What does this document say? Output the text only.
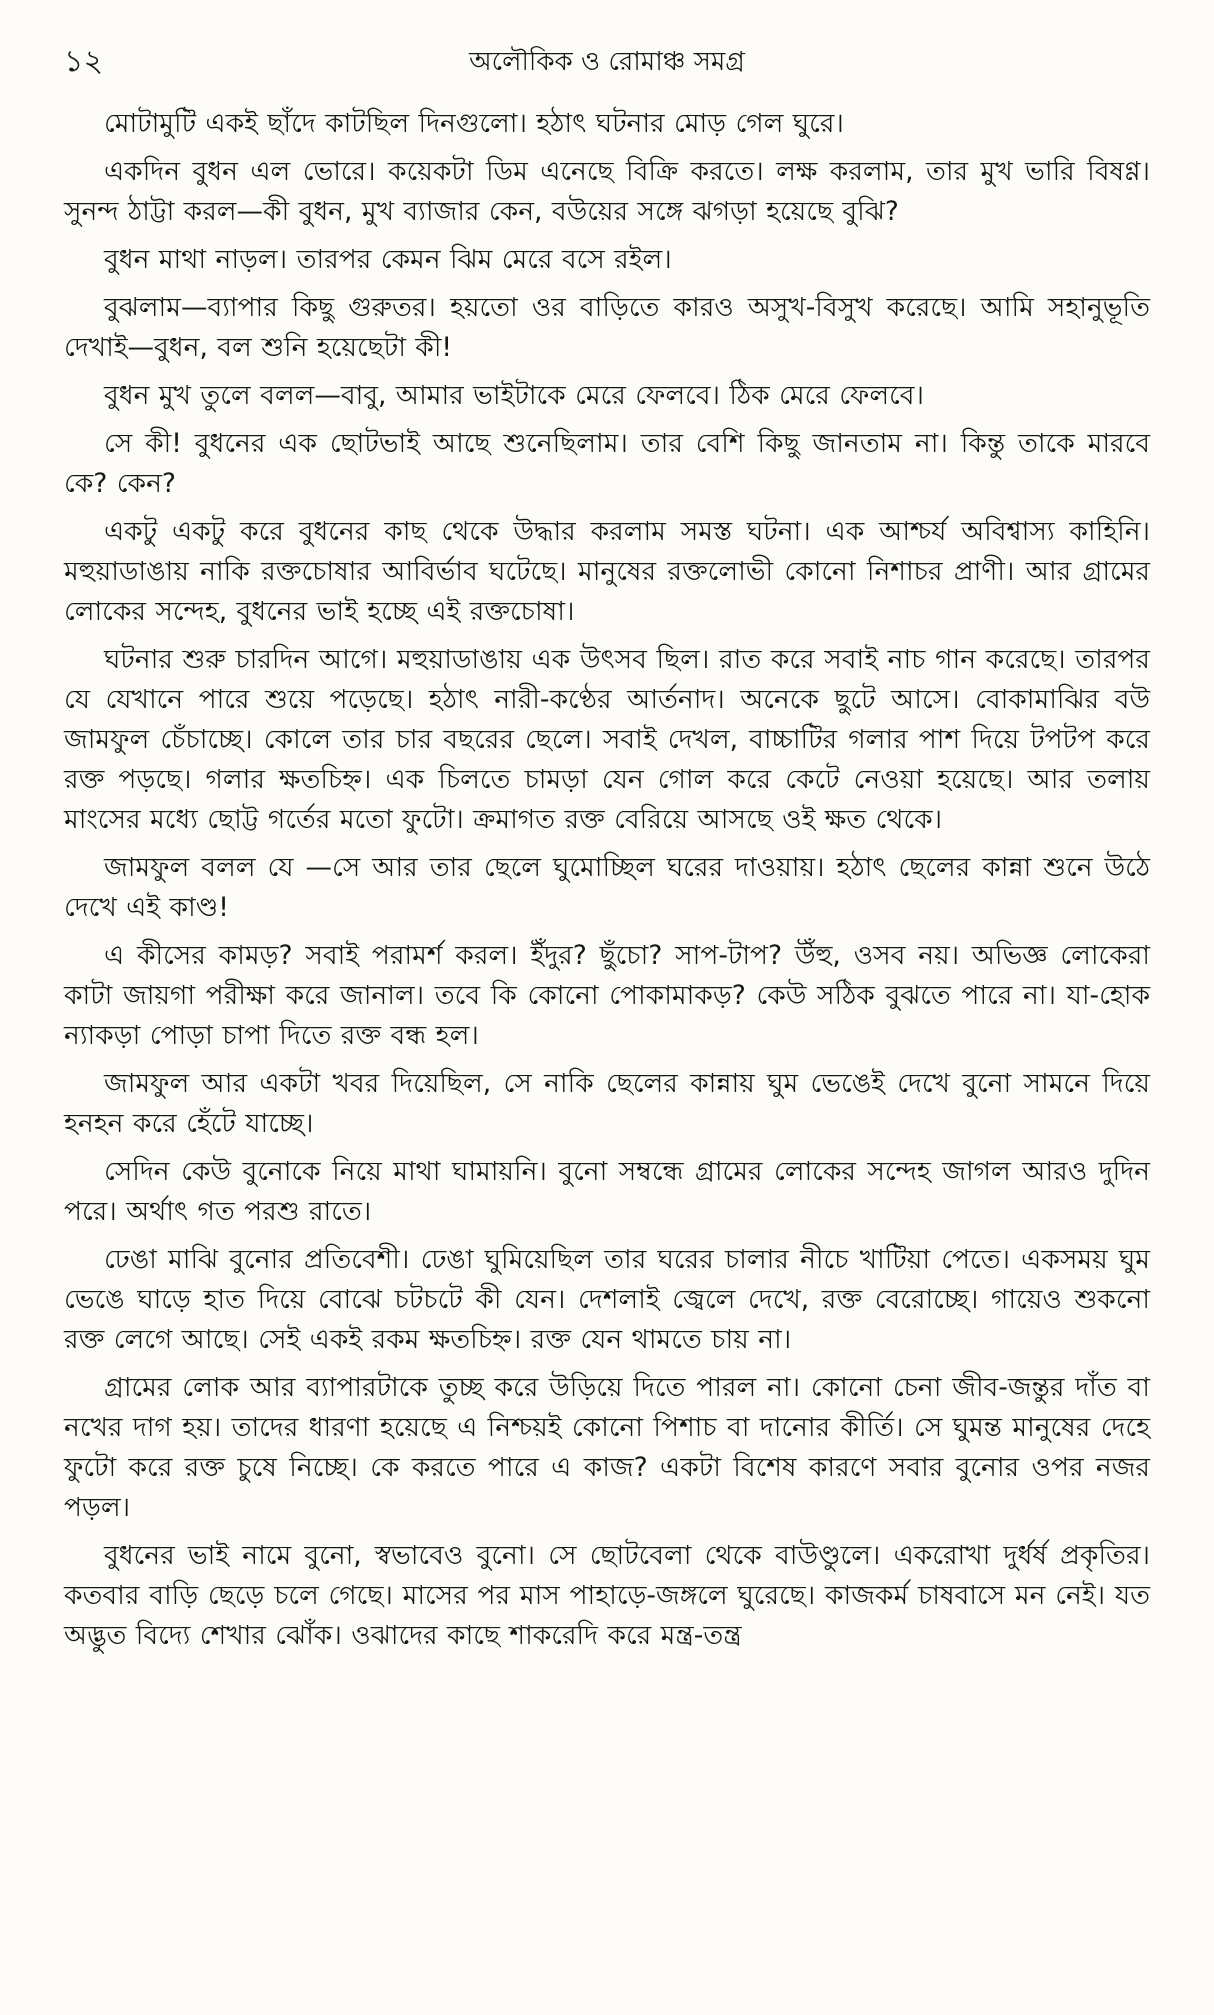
১২	অলৌকিক ও রোমাঞ্চ সমগ্র

মোটামুটি একই ছাঁদে কাটছিল দিনগুলো। হঠাৎ ঘটনার মোড় গেল ঘুরে।

একদিন বুধন এল ভোরে। কয়েকটা ডিম এনেছে বিক্রি করতে। লক্ষ করলাম, তার মুখ ভারি বিষণ্ণ। সুনন্দ ঠাট্টা করল—কী বুধন, মুখ ব্যাজার কেন, বউয়ের সঙ্গে ঝগড়া হয়েছে বুঝি?

বুধন মাথা নাড়ল। তারপর কেমন ঝিম মেরে বসে রইল।

বুঝলাম—ব্যাপার কিছু গুরুতর। হয়তো ওর বাড়িতে কারও অসুখ-বিসুখ করেছে। আমি সহানুভূতি দেখাই—বুধন, বল শুনি হয়েছেটা কী!

বুধন মুখ তুলে বলল—বাবু, আমার ভাইটাকে মেরে ফেলবে। ঠিক মেরে ফেলবে।

সে কী! বুধনের এক ছোটভাই আছে শুনেছিলাম। তার বেশি কিছু জানতাম না। কিন্তু তাকে মারবে কে? কেন?

একটু একটু করে বুধনের কাছ থেকে উদ্ধার করলাম সমস্ত ঘটনা। এক আশ্চর্য অবিশ্বাস্য কাহিনি। মহুয়াডাঙায় নাকি রক্তচোষার আবির্ভাব ঘটেছে। মানুষের রক্তলোভী কোনো নিশাচর প্রাণী। আর গ্রামের লোকের সন্দেহ, বুধনের ভাই হচ্ছে এই রক্তচোষা।

ঘটনার শুরু চারদিন আগে। মহুয়াডাঙায় এক উৎসব ছিল। রাত করে সবাই নাচ গান করেছে। তারপর যে যেখানে পারে শুয়ে পড়েছে। হঠাৎ নারী-কণ্ঠের আর্তনাদ। অনেকে ছুটে আসে। বোকামাঝির বউ জামফুল চেঁচাচ্ছে। কোলে তার চার বছরের ছেলে। সবাই দেখল, বাচ্চাটির গলার পাশ দিয়ে টপটপ করে রক্ত পড়ছে। গলার ক্ষতচিহ্ন। এক চিলতে চামড়া যেন গোল করে কেটে নেওয়া হয়েছে। আর তলায় মাংসের মধ্যে ছোট্ট গর্তের মতো ফুটো। ক্রমাগত রক্ত বেরিয়ে আসছে ওই ক্ষত থেকে।

জামফুল বলল যে —সে আর তার ছেলে ঘুমোচ্ছিল ঘরের দাওয়ায়। হঠাৎ ছেলের কান্না শুনে উঠে দেখে এই কাণ্ড!

এ কীসের কামড়? সবাই পরামর্শ করল। ইঁদুর? ছুঁচো? সাপ-টাপ? উঁহু, ওসব নয়। অভিজ্ঞ লোকেরা কাটা জায়গা পরীক্ষা করে জানাল। তবে কি কোনো পোকামাকড়? কেউ সঠিক বুঝতে পারে না। যা-হোক ন্যাকড়া পোড়া চাপা দিতে রক্ত বন্ধ হল।

জামফুল আর একটা খবর দিয়েছিল, সে নাকি ছেলের কান্নায় ঘুম ভেঙেই দেখে বুনো সামনে দিয়ে হনহন করে হেঁটে যাচ্ছে।

সেদিন কেউ বুনোকে নিয়ে মাথা ঘামায়নি। বুনো সম্বন্ধে গ্রামের লোকের সন্দেহ জাগল আরও দুদিন পরে। অর্থাৎ গত পরশু রাতে।

ঢেঙা মাঝি বুনোর প্রতিবেশী। ঢেঙা ঘুমিয়েছিল তার ঘরের চালার নীচে খাটিয়া পেতে। একসময় ঘুম ভেঙে ঘাড়ে হাত দিয়ে বোঝে চটচটে কী যেন। দেশলাই জ্বেলে দেখে, রক্ত বেরোচ্ছে। গায়েও শুকনো রক্ত লেগে আছে। সেই একই রকম ক্ষতচিহ্ন। রক্ত যেন থামতে চায় না।

গ্রামের লোক আর ব্যাপারটাকে তুচ্ছ করে উড়িয়ে দিতে পারল না। কোনো চেনা জীব-জন্তুর দাঁত বা নখের দাগ হয়। তাদের ধারণা হয়েছে এ নিশ্চয়ই কোনো পিশাচ বা দানোর কীর্তি। সে ঘুমন্ত মানুষের দেহে ফুটো করে রক্ত চুষে নিচ্ছে। কে করতে পারে এ কাজ? একটা বিশেষ কারণে সবার বুনোর ওপর নজর পড়ল।

বুধনের ভাই নামে বুনো, স্বভাবেও বুনো। সে ছোটবেলা থেকে বাউণ্ডুলে। একরোখা দুর্ধর্ষ প্রকৃতির। কতবার বাড়ি ছেড়ে চলে গেছে। মাসের পর মাস পাহাড়ে-জঙ্গলে ঘুরেছে। কাজকর্ম চাষবাসে মন নেই। যত অদ্ভুত বিদ্যে শেখার ঝোঁক। ওঝাদের কাছে শাকরেদি করে মন্ত্র-তন্ত্র
